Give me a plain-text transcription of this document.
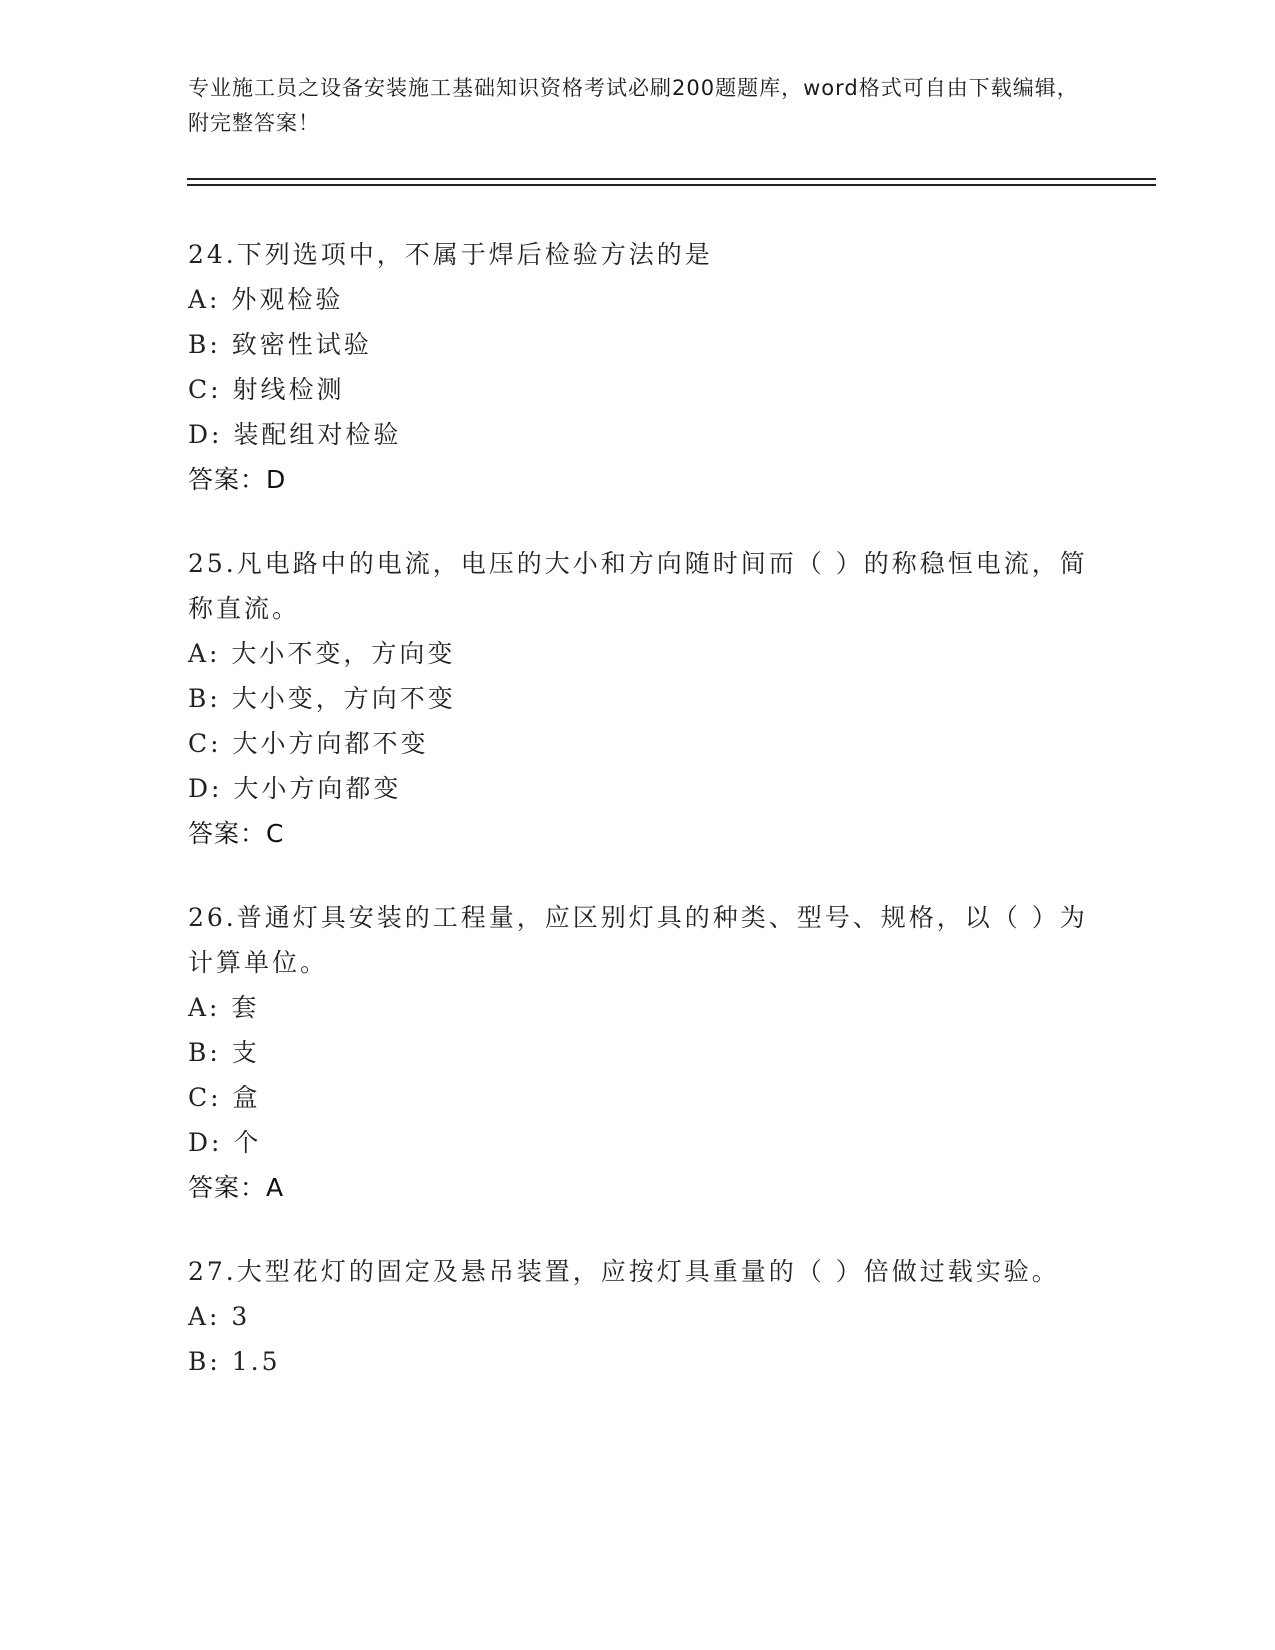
专业施工员之设备安装施工基础知识资格考试必刷200题题库，word格式可自由下载编辑，附完整答案！
24.下列选项中，不属于焊后检验方法的是
A: 外观检验
B: 致密性试验
C: 射线检测
D: 装配组对检验
答案：D
25.凡电路中的电流，电压的大小和方向随时间而（ ）的称稳恒电流，简称直流。
A: 大小不变，方向变
B: 大小变，方向不变
C: 大小方向都不变
D: 大小方向都变
答案：C
26.普通灯具安装的工程量，应区别灯具的种类、型号、规格，以（ ）为计算单位。
A: 套
B: 支
C: 盒
D: 个
答案：A
27.大型花灯的固定及悬吊装置，应按灯具重量的（ ）倍做过载实验。
A: 3
B: 1.5
